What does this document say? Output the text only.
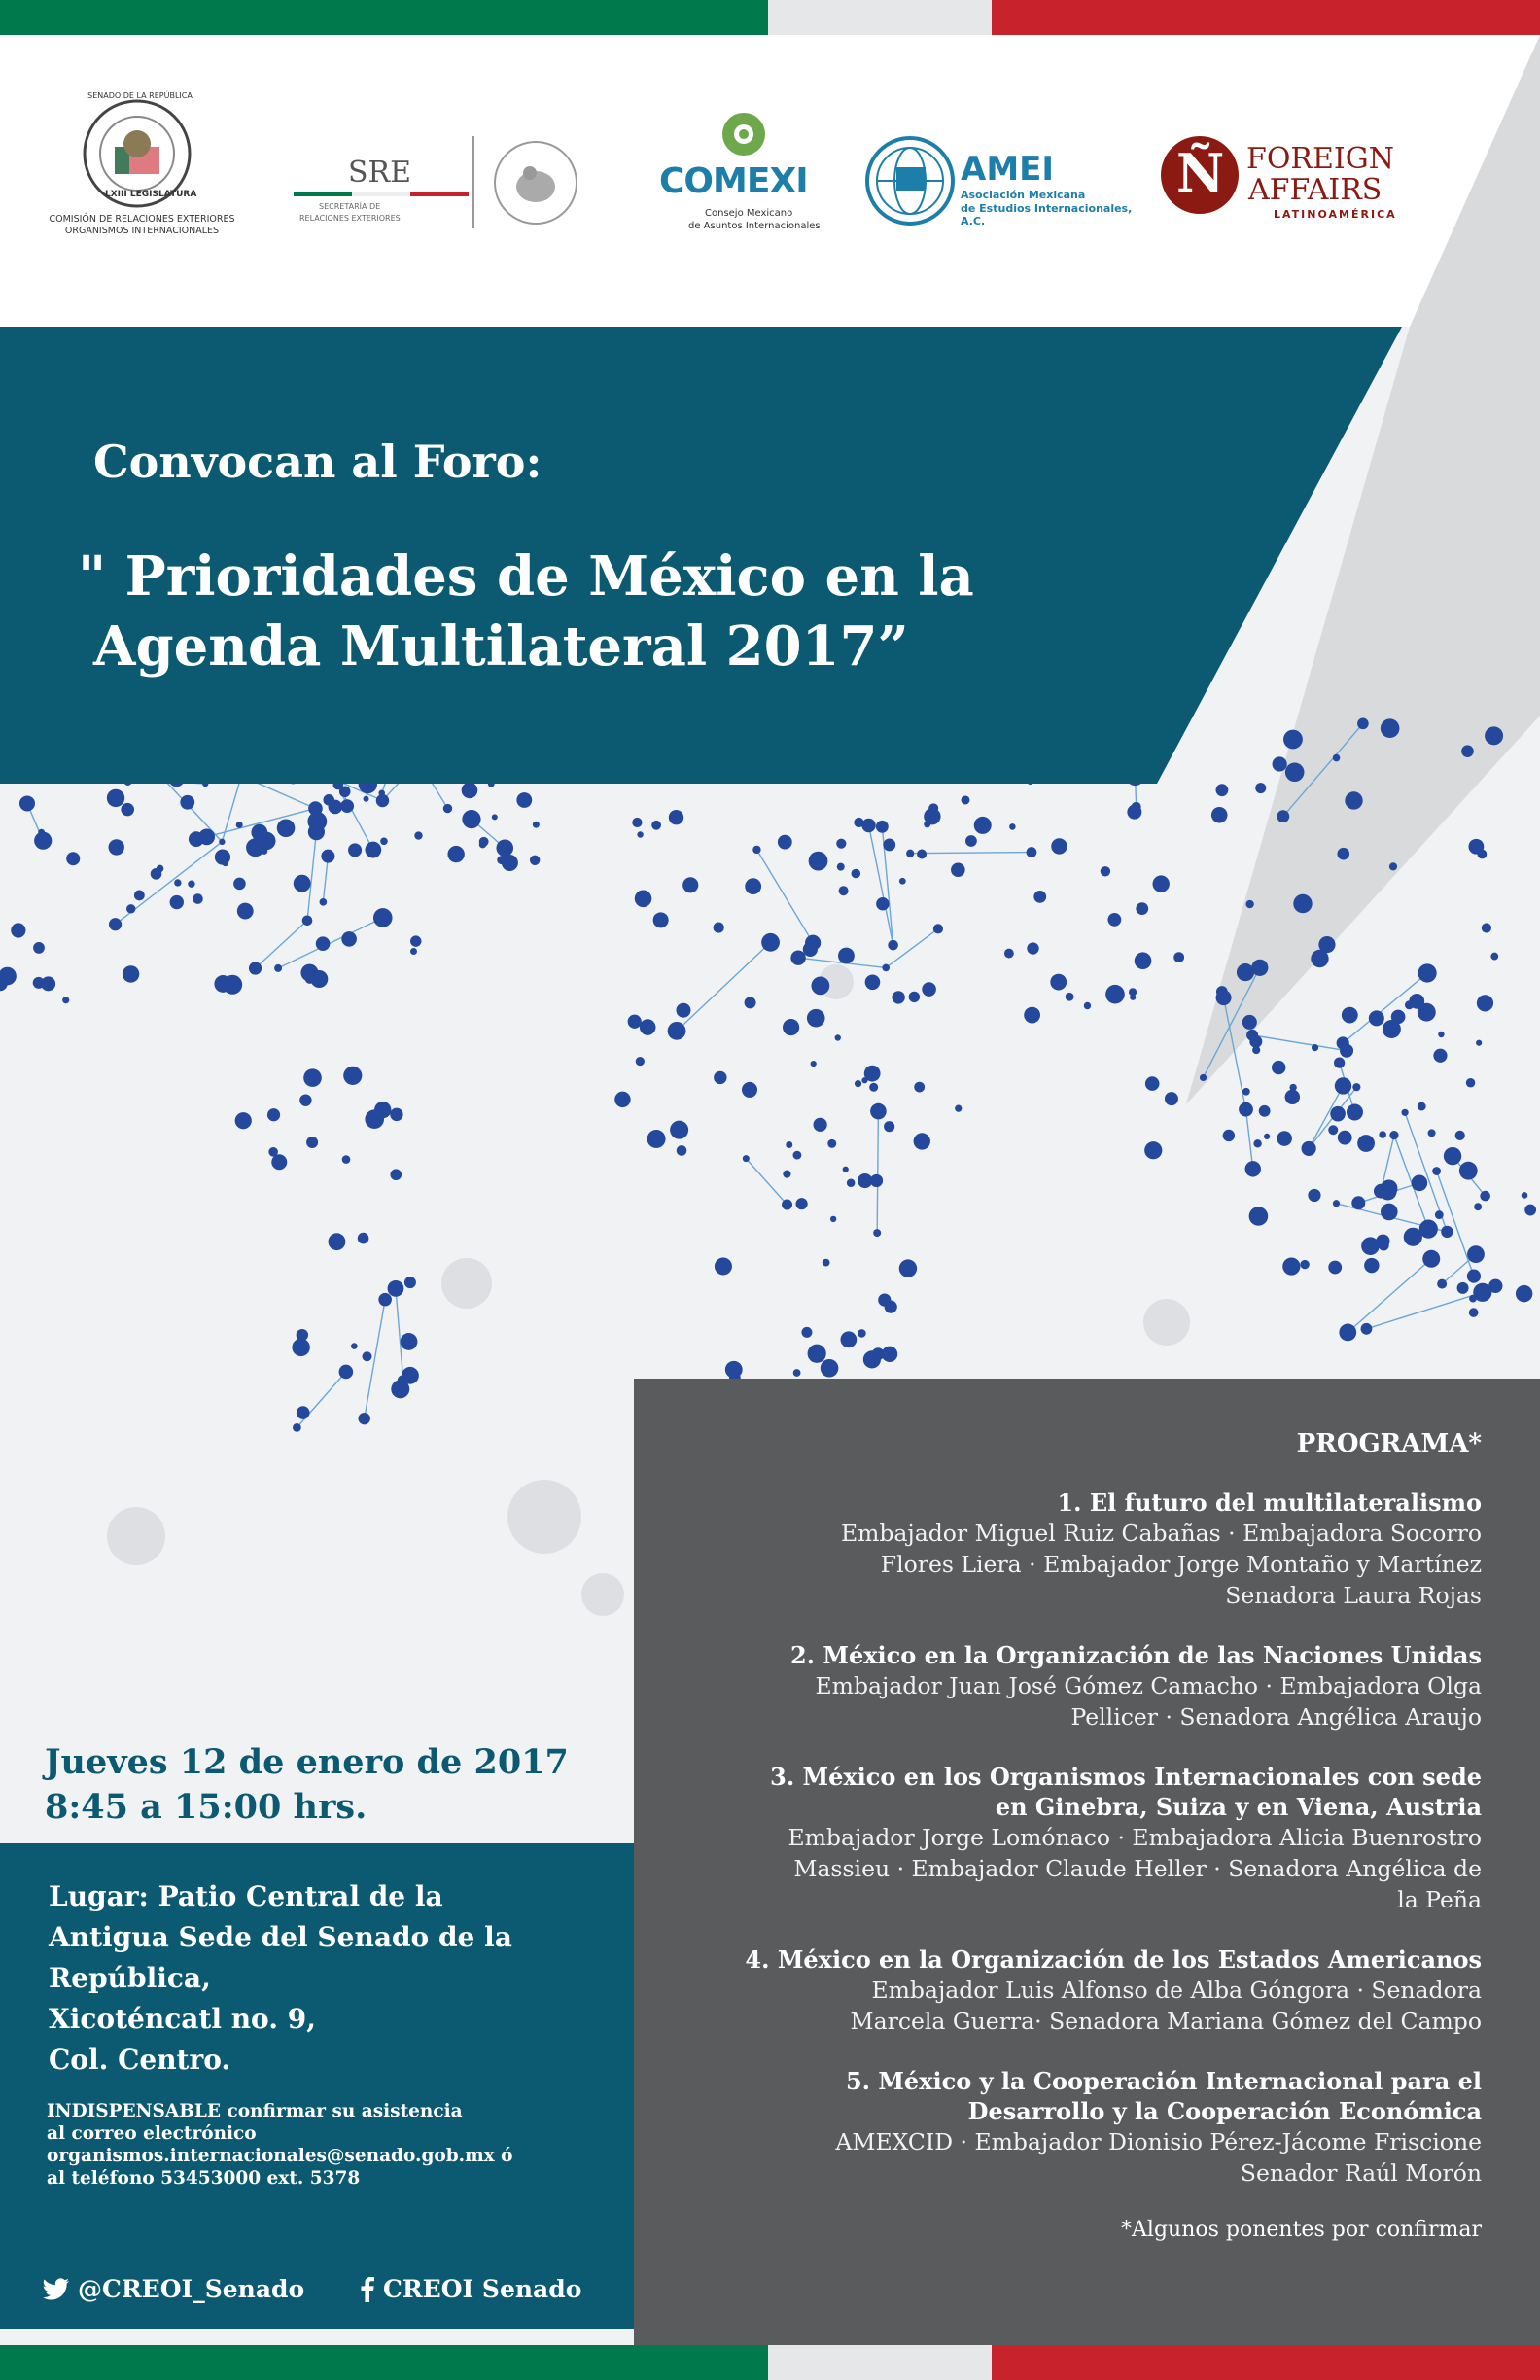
SENADO DE LA REPÚBLICA
LXIII LEGISLATURA
COMISIÓN DE RELACIONES EXTERIORES
ORGANISMOS INTERNACIONALES
SRE
SECRETARÍA DE
RELACIONES EXTERIORES
COMEXI
Consejo Mexicano
de Asuntos Internacionales
AMEI
Asociación Mexicana
de Estudios Internacionales, A.C.
Ñ FOREIGN
AFFAIRS
LATINOAMÉRICA
Convocan al Foro:
" Prioridades de México en la
Agenda Multilateral 2017”
Jueves 12 de enero de 2017
8:45 a 15:00 hrs.
Lugar: Patio Central de la
Antigua Sede del Senado de la
República,
Xicoténcatl no. 9,
Col. Centro.
INDISPENSABLE confirmar su asistencia
al correo electrónico
organismos.internacionales@senado.gob.mx ó
al teléfono 53453000 ext. 5378
@CREOI_Senado	CREOI Senado
PROGRAMA*
1. El futuro del multilateralismo
Embajador Miguel Ruiz Cabañas · Embajadora Socorro
Flores Liera · Embajador Jorge Montaño y Martínez
Senadora Laura Rojas
2. México en la Organización de las Naciones Unidas
Embajador Juan José Gómez Camacho · Embajadora Olga
Pellicer · Senadora Angélica Araujo
3. México en los Organismos Internacionales con sede
en Ginebra, Suiza y en Viena, Austria
Embajador Jorge Lomónaco · Embajadora Alicia Buenrostro
Massieu · Embajador Claude Heller · Senadora Angélica de
la Peña
4. México en la Organización de los Estados Americanos
Embajador Luis Alfonso de Alba Góngora · Senadora
Marcela Guerra· Senadora Mariana Gómez del Campo
5. México y la Cooperación Internacional para el
Desarrollo y la Cooperación Económica
AMEXCID · Embajador Dionisio Pérez-Jácome Friscione
Senador Raúl Morón
*Algunos ponentes por confirmar
